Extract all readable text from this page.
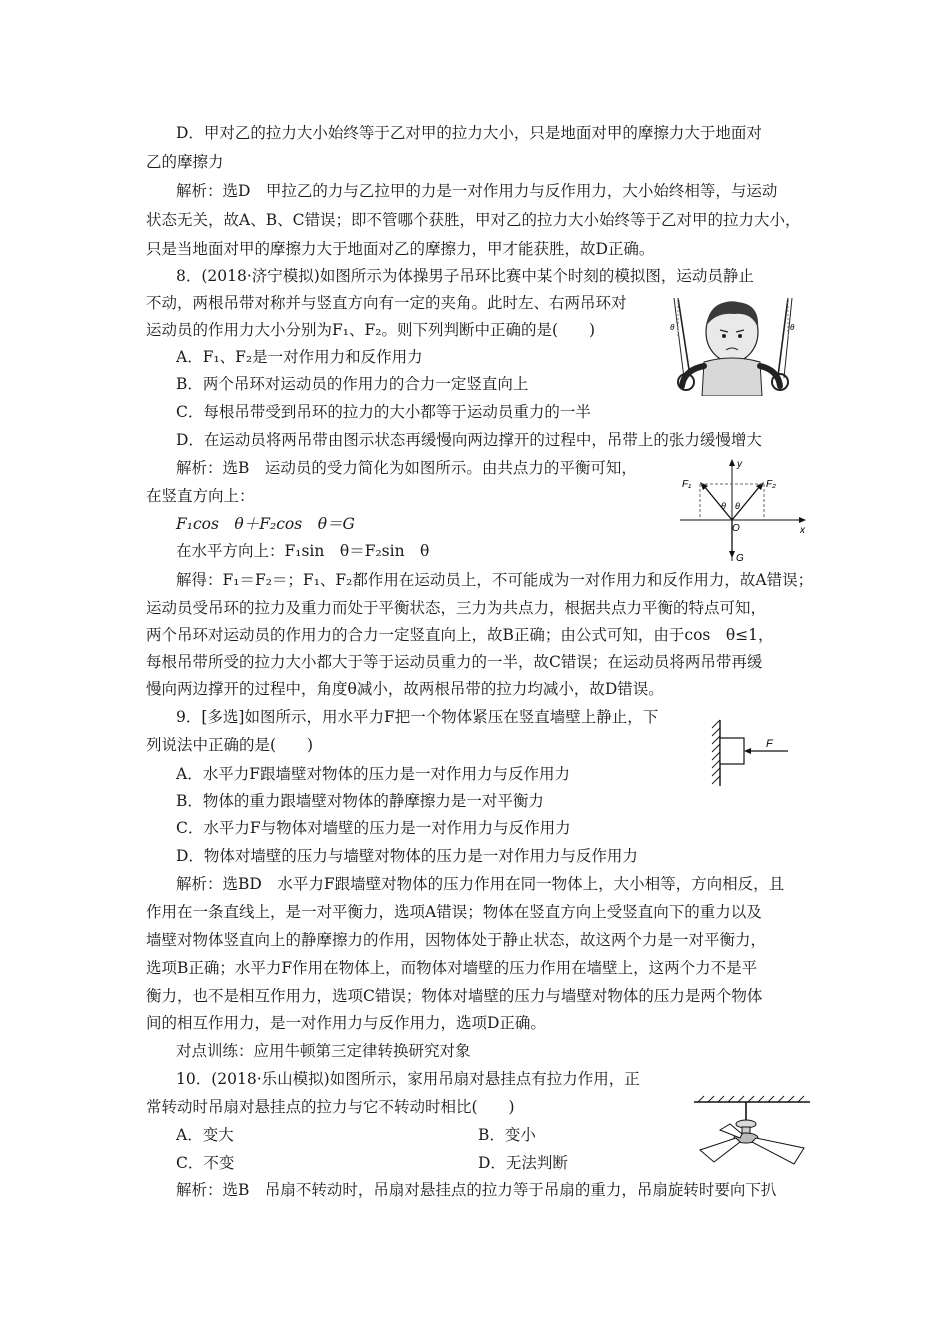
D．甲对乙的拉力大小始终等于乙对甲的拉力大小，只是地面对甲的摩擦力大于地面对
乙的摩擦力
解析：选D　甲拉乙的力与乙拉甲的力是一对作用力与反作用力，大小始终相等，与运动
状态无关，故A、B、C错误；即不管哪个获胜，甲对乙的拉力大小始终等于乙对甲的拉力大小，
只是当地面对甲的摩擦力大于地面对乙的摩擦力，甲才能获胜，故D正确。
8．(2018·济宁模拟)如图所示为体操男子吊环比赛中某个时刻的模拟图，运动员静止
不动，两根吊带对称并与竖直方向有一定的夹角。此时左、右两吊环对
运动员的作用力大小分别为F₁、F₂。则下列判断中正确的是(　　)
A．F₁、F₂是一对作用力和反作用力
B．两个吊环对运动员的作用力的合力一定竖直向上
C．每根吊带受到吊环的拉力的大小都等于运动员重力的一半
D．在运动员将两吊带由图示状态再缓慢向两边撑开的过程中，吊带上的张力缓慢增大
解析：选B　运动员的受力简化为如图所示。由共点力的平衡可知，
在竖直方向上：
F₁cos　θ＋F₂cos　θ＝G
在水平方向上：F₁sin　θ＝F₂sin　θ
解得：F₁＝F₂＝；F₁、F₂都作用在运动员上，不可能成为一对作用力和反作用力，故A错误；
运动员受吊环的拉力及重力而处于平衡状态，三力为共点力，根据共点力平衡的特点可知，
两个吊环对运动员的作用力的合力一定竖直向上，故B正确；由公式可知，由于cos　θ≤1，
每根吊带所受的拉力大小都大于等于运动员重力的一半，故C错误；在运动员将两吊带再缓
慢向两边撑开的过程中，角度θ减小，故两根吊带的拉力均减小，故D错误。
9．[多选]如图所示，用水平力F把一个物体紧压在竖直墙壁上静止，下
列说法中正确的是(　　)
A．水平力F跟墙壁对物体的压力是一对作用力与反作用力
B．物体的重力跟墙壁对物体的静摩擦力是一对平衡力
C．水平力F与物体对墙壁的压力是一对作用力与反作用力
D．物体对墙壁的压力与墙壁对物体的压力是一对作用力与反作用力
解析：选BD　水平力F跟墙壁对物体的压力作用在同一物体上，大小相等，方向相反，且
作用在一条直线上，是一对平衡力，选项A错误；物体在竖直方向上受竖直向下的重力以及
墙壁对物体竖直向上的静摩擦力的作用，因物体处于静止状态，故这两个力是一对平衡力，
选项B正确；水平力F作用在物体上，而物体对墙壁的压力作用在墙壁上，这两个力不是平
衡力，也不是相互作用力，选项C错误；物体对墙壁的压力与墙壁对物体的压力是两个物体
间的相互作用力，是一对作用力与反作用力，选项D正确。
对点训练：应用牛顿第三定律转换研究对象
10．(2018·乐山模拟)如图所示，家用吊扇对悬挂点有拉力作用，正
常转动时吊扇对悬挂点的拉力与它不转动时相比(　　)
A．变大	B．变小
C．不变	D．无法判断
解析：选B　吊扇不转动时，吊扇对悬挂点的拉力等于吊扇的重力，吊扇旋转时要向下扒
θ	θ
x
y
F₁	F₂
θ θ
O
G
F
